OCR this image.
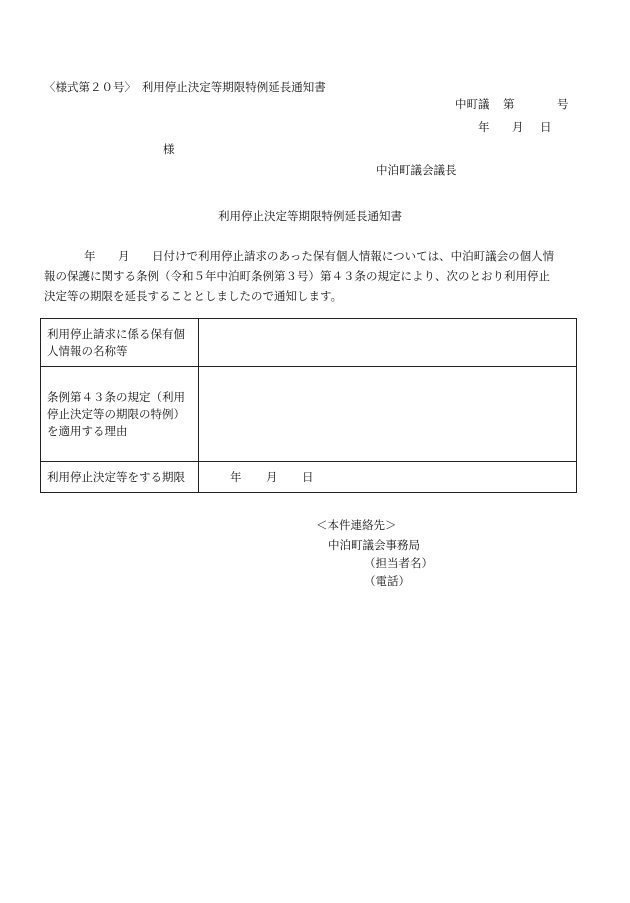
〈様式第２０号〉　利用停止決定等期限特例延長通知書
中町議 第	号
年 月 日
様
中泊町議会議長
利用停止決定等期限特例延長通知書
年 月 日付けで利用停止請求のあった保有個人情報については、中泊町議会の個人情
報の保護に関する条例（令和５年中泊町条例第３号）第４３条の規定により、次のとおり利用停止
決定等の期限を延長することとしましたので通知します。
利用停止請求に係る保有個
人情報の名称等	
条例第４３条の規定（利用
停止決定等の期限の特例）
を適用する理由	
利用停止決定等をする期限	年 月 日
＜本件連絡先＞
中泊町議会事務局
（担当者名）
（電話）
